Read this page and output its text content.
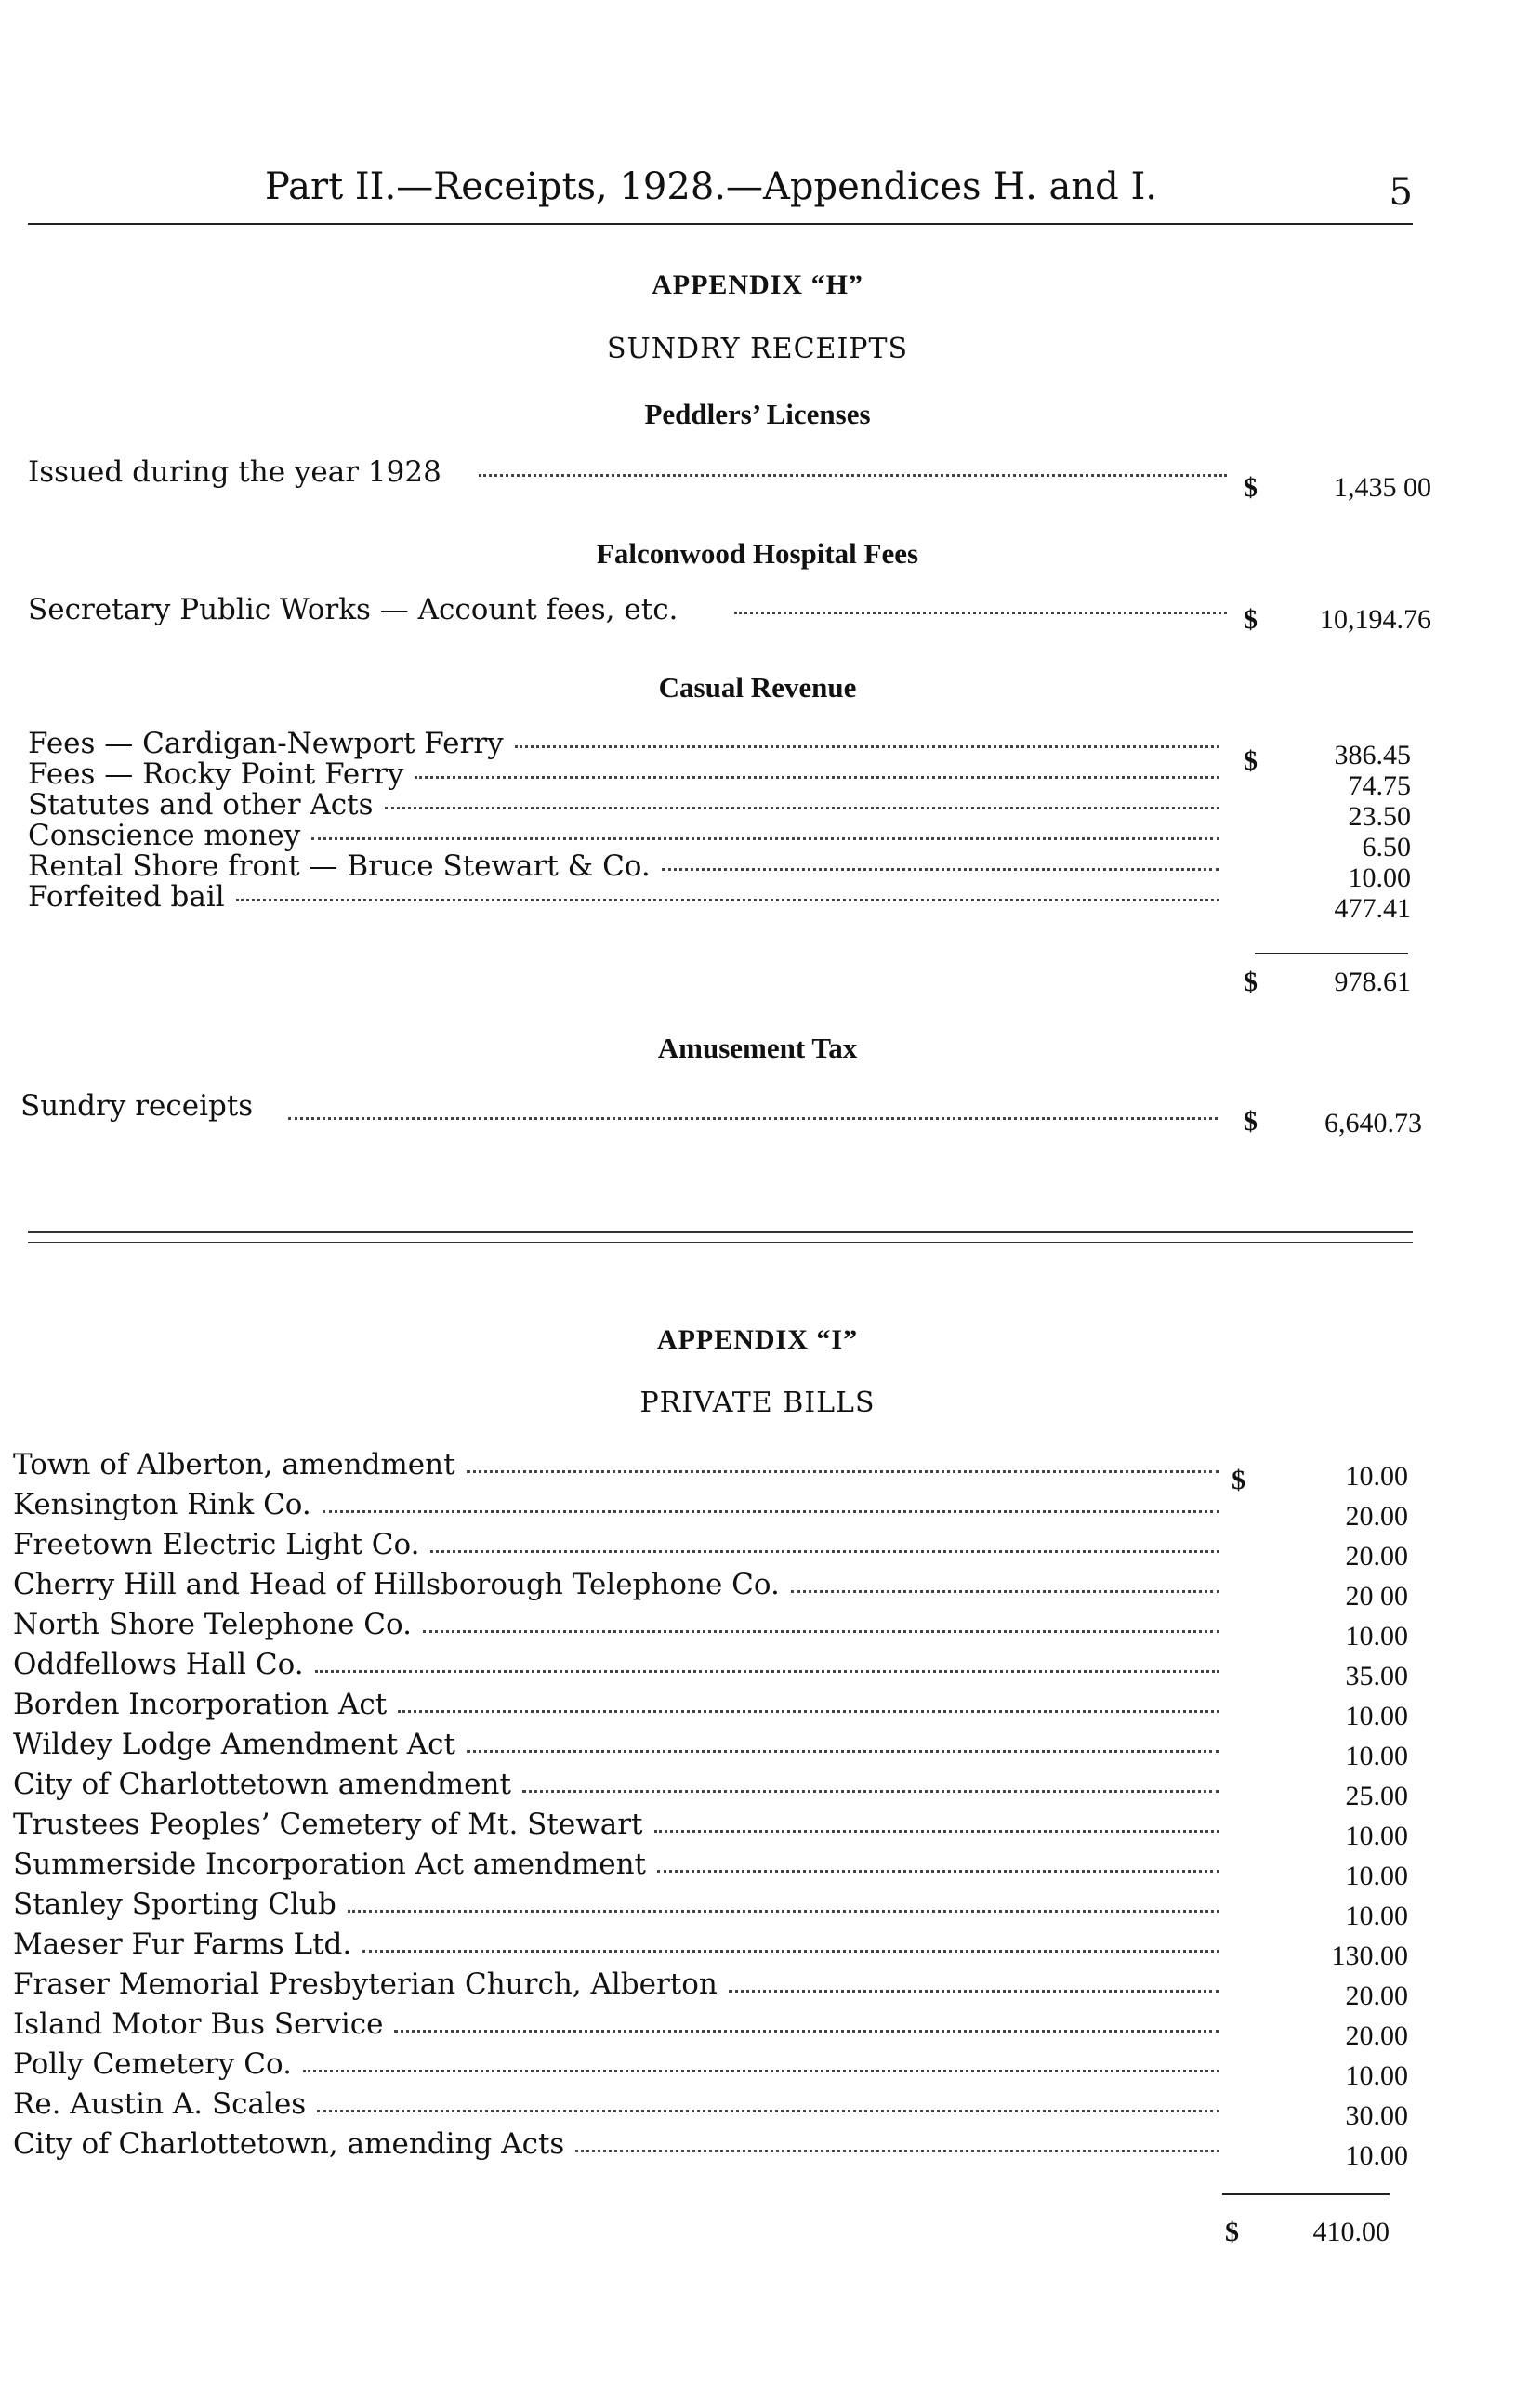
Part II.—Receipts, 1928.—Appendices H. and I.	5
APPENDIX “H”
SUNDRY RECEIPTS
Peddlers’ Licenses
Issued during the year 1928	$	1,435 00
Falconwood Hospital Fees
Secretary Public Works — Account fees, etc.	$	10,194.76
Casual Revenue
Fees — Cardigan-Newport Ferry	386.45
Fees — Rocky Point Ferry	74.75
Statutes and other Acts	23.50
Conscience money	6.50
Rental Shore front — Bruce Stewart & Co.	10.00
Forfeited bail	477.41
$
$	978.61
Amusement Tax
Sundry receipts	$	6,640.73
APPENDIX “I”
PRIVATE BILLS
Town of Alberton, amendment	10.00
Kensington Rink Co.	20.00
Freetown Electric Light Co.	20.00
Cherry Hill and Head of Hillsborough Telephone Co.	20 00
North Shore Telephone Co.	10.00
Oddfellows Hall Co.	35.00
Borden Incorporation Act	10.00
Wildey Lodge Amendment Act	10.00
City of Charlottetown amendment	25.00
Trustees Peoples’ Cemetery of Mt. Stewart	10.00
Summerside Incorporation Act amendment	10.00
Stanley Sporting Club	10.00
Maeser Fur Farms Ltd.	130.00
Fraser Memorial Presbyterian Church, Alberton	20.00
Island Motor Bus Service	20.00
Polly Cemetery Co.	10.00
Re. Austin A. Scales	30.00
City of Charlottetown, amending Acts	10.00
$
$	410.00
